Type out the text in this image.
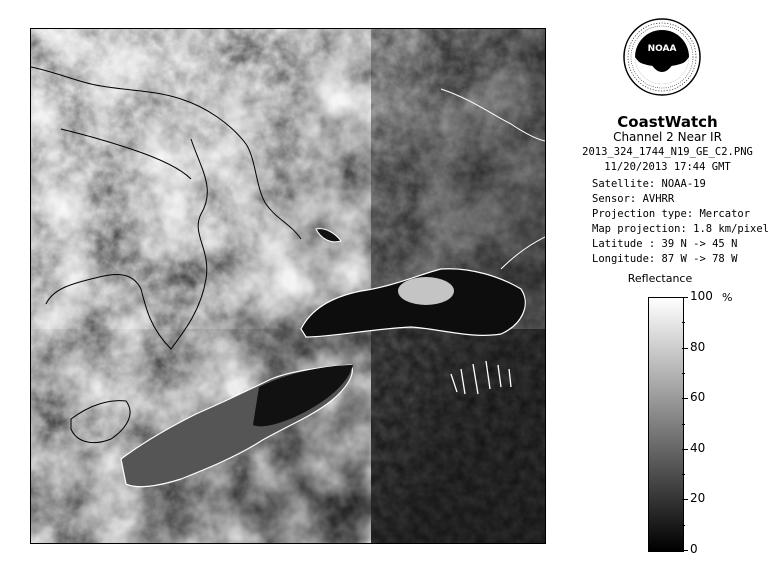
NOAA
CoastWatch
Channel 2 Near IR
2013_324_1744_N19_GE_C2.PNG
11/20/2013 17:44 GMT
Satellite: NOAA-19
Sensor: AVHRR
Projection type: Mercator
Map projection: 1.8 km/pixel
Latitude : 39 N -> 45 N
Longitude: 87 W -> 78 W
Reflectance
%
100
80
60
40
20
0
